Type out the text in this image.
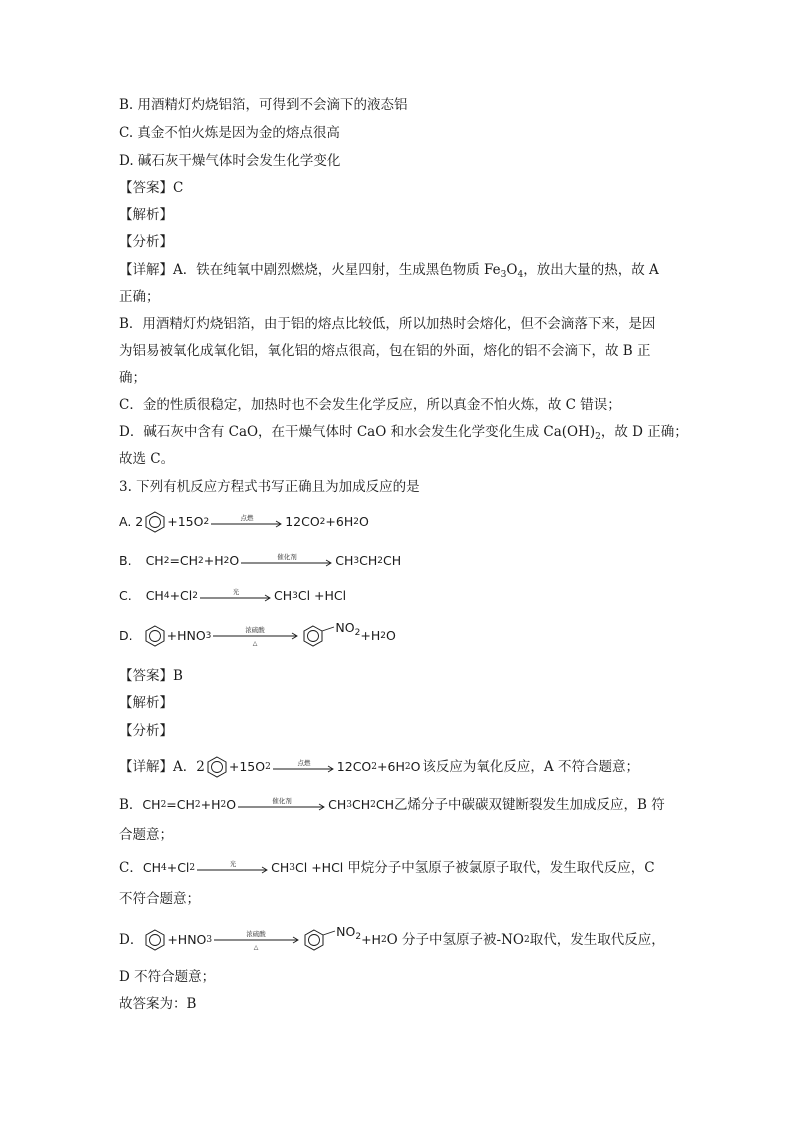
B. 用酒精灯灼烧铝箔，可得到不会滴下的液态铝
C. 真金不怕火炼是因为金的熔点很高
D. 碱石灰干燥气体时会发生化学变化
【答案】C
【解析】
【分析】
【详解】A．铁在纯氧中剧烈燃烧，火星四射，生成黑色物质 $Fe_3O_4$，放出大量的热，故 A
正确；
B．用酒精灯灼烧铝箔，由于铝的熔点比较低，所以加热时会熔化，但不会滴落下来，是因
为铝易被氧化成氧化铝，氧化铝的熔点很高，包在铝的外面，熔化的铝不会滴下，故 B 正
确；
C．金的性质很稳定，加热时也不会发生化学反应，所以真金不怕火炼，故 C 错误；
D．碱石灰中含有 CaO，在干燥气体时 CaO 和水会发生化学变化生成 $Ca(OH)_2$，故 D 正确；
故选 C。
3. 下列有机反应方程式书写正确且为加成反应的是
A. 2 +15O 2	点燃	12CO 2 +6H 2 O
B. CH 2 =CH 2 +H 2 O	催化剂	CH 3 CH 2 CH
C. CH 4 +Cl 2	光	CH 3 Cl +HCl
D.	+HNO 3
浓硫酸
△
$NO_2 +H$ 2 O
【答案】B
【解析】
【分析】
【详解】 A．2 +15O 2	点燃 12CO 2 +6H 2 O 该反应为氧化反应，A 不符合题意；
B． CH 2 =CH 2 +H 2 O	催化剂	CH 3 CH 2 CH 乙烯分子中碳碳双键断裂发生加成反应，B 符
合题意；
C． CH 4 +Cl 2	光	CH 3 Cl +HCl 甲烷分子中氢原子被氯原子取代，发生取代反应，C
不符合题意；
D． +HNO 3
浓硫酸
△
$NO_2 +H$ 2 O 分子中氢原子被-NO 2 取代，发生取代反应，
D 不符合题意；
故答案为：B
